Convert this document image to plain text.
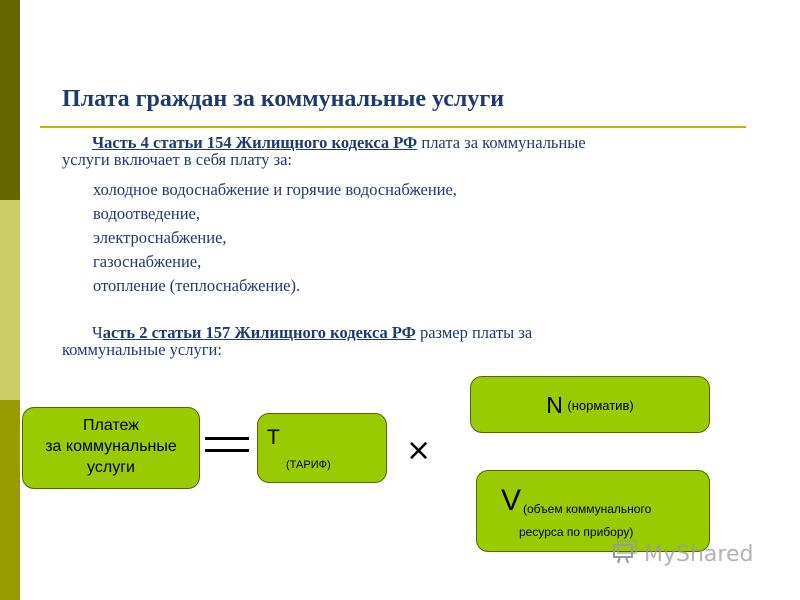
Плата граждан за коммунальные услуги
Часть 4 статьи 154 Жилищного кодекса РФ плата за коммунальные
услуги включает в себя плату за:
холодное водоснабжение и горячие водоснабжение,
водоотведение,
электроснабжение,
газоснабжение,
отопление (теплоснабжение).
Часть 2 статьи 157 Жилищного кодекса РФ размер платы за
коммунальные услуги:
Платеж
за коммунальные
услуги
Т
(ТАРИФ)	×
N (норматив)
V (объем коммунального
ресурса по прибору)
MyShared
